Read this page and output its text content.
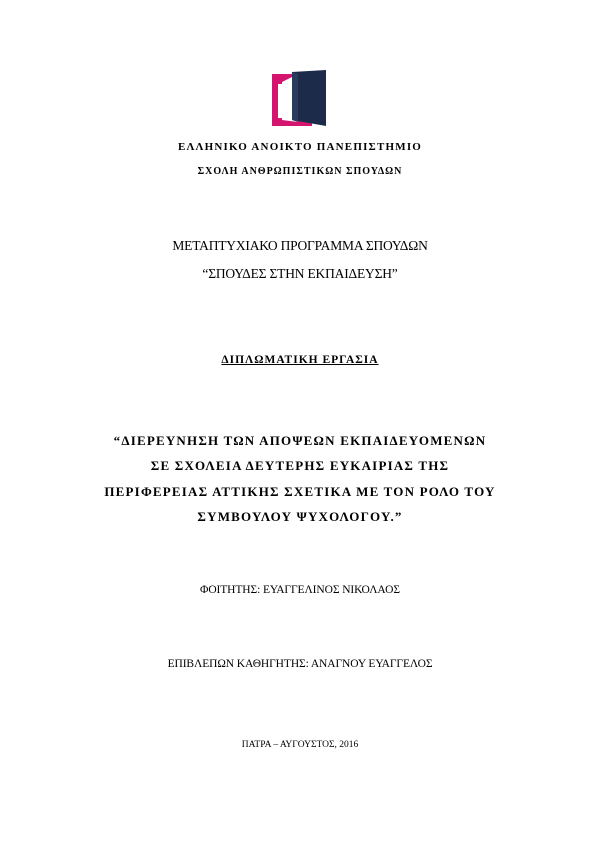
ΕΛΛΗΝΙΚΟ ΑΝΟΙΚΤΟ ΠΑΝΕΠΙΣΤΗΜΙΟ
ΣΧΟΛΗ ΑΝΘΡΩΠΙΣΤΙΚΩΝ ΣΠΟΥΔΩΝ
ΜΕΤΑΠΤΥΧΙΑΚΟ ΠΡΟΓΡΑΜΜΑ ΣΠΟΥΔΩΝ
“ΣΠΟΥΔΕΣ ΣΤΗΝ ΕΚΠΑΙΔΕΥΣΗ”
ΔΙΠΛΩΜΑΤΙΚΗ ΕΡΓΑΣΙΑ
“ΔΙΕΡΕΥΝΗΣΗ ΤΩΝ ΑΠΟΨΕΩΝ ΕΚΠΑΙΔΕΥΟΜΕΝΩΝ
ΣΕ ΣΧΟΛΕΙΑ ΔΕΥΤΕΡΗΣ ΕΥΚΑΙΡΙΑΣ ΤΗΣ
ΠΕΡΙΦΕΡΕΙΑΣ ΑΤΤΙΚΗΣ ΣΧΕΤΙΚΑ ΜΕ ΤΟΝ ΡΟΛΟ ΤΟΥ
ΣΥΜΒΟΥΛΟΥ ΨΥΧΟΛΟΓΟΥ.”
ΦΟΙΤΗΤΗΣ: ΕΥΑΓΓΕΛΙΝΟΣ ΝΙΚΟΛΑΟΣ
ΕΠΙΒΛΕΠΩΝ ΚΑΘΗΓΗΤΗΣ: ΑΝΑΓΝΟΥ ΕΥΑΓΓΕΛΟΣ
ΠΑΤΡΑ – ΑΥΓΟΥΣΤΟΣ, 2016
